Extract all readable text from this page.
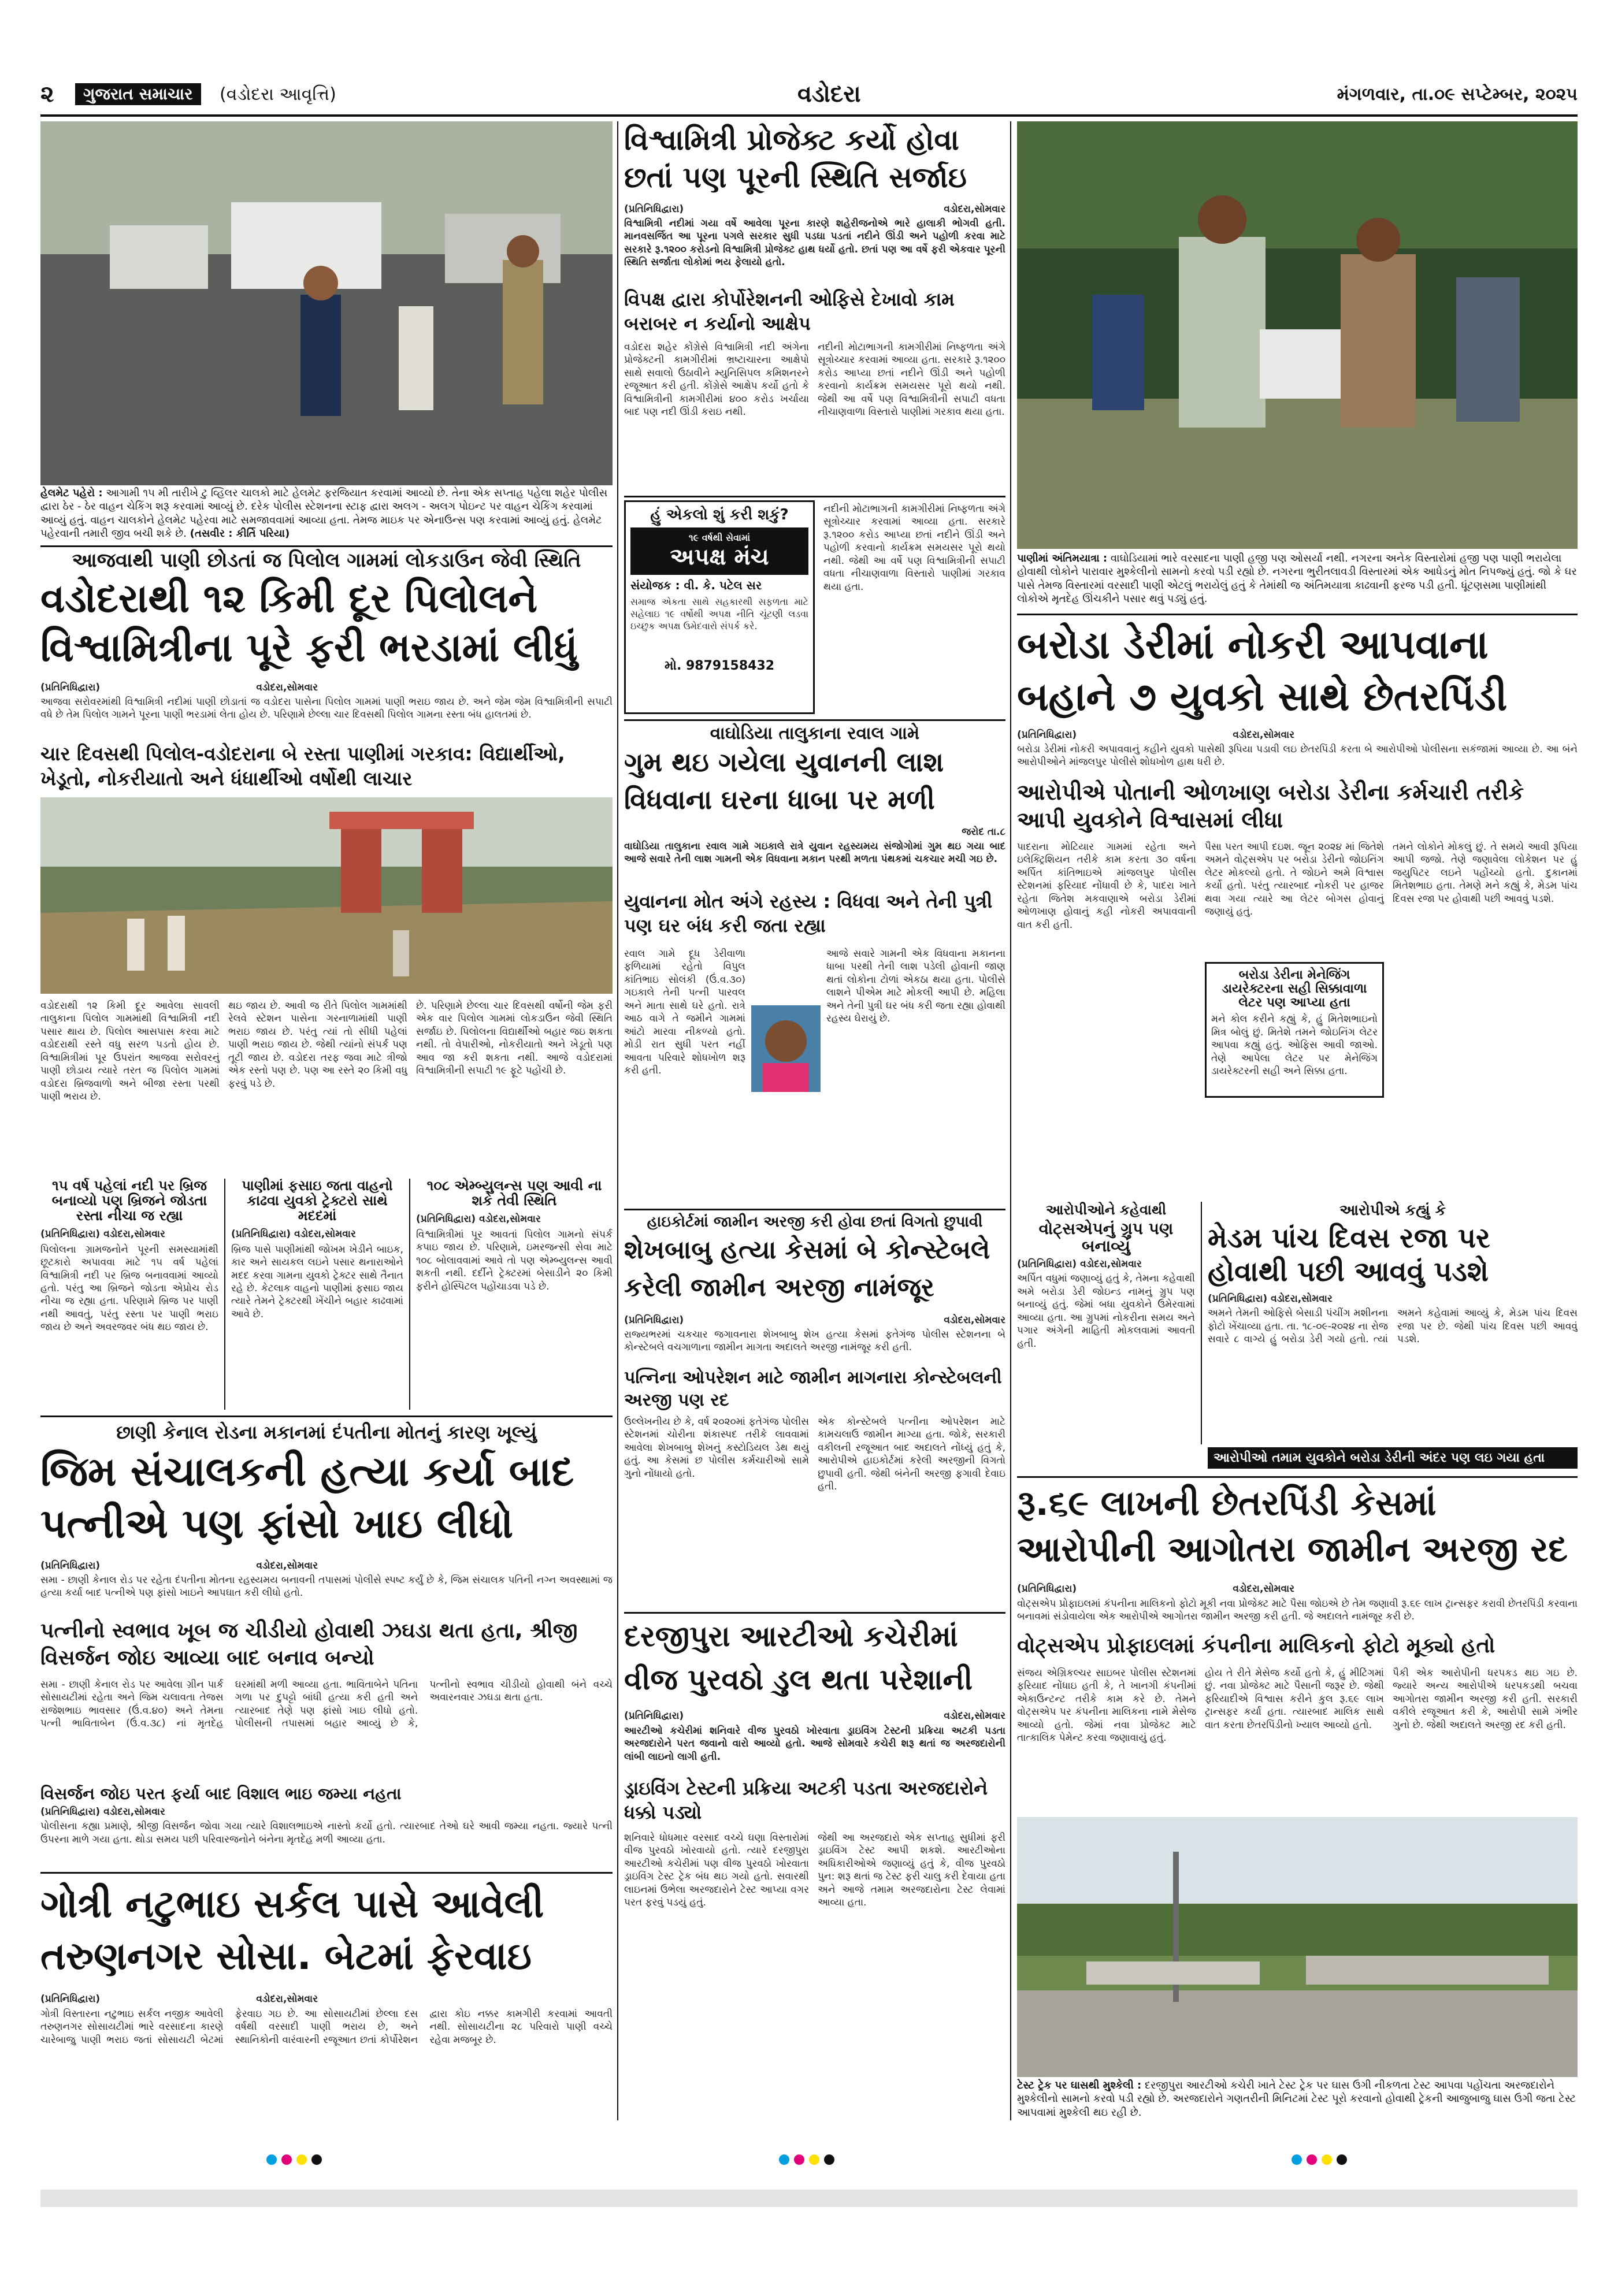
૨	ગુજરાત સમાચાર	(વડોદરા આવૃત્તિ)	વડોદરા	મંગળવાર, તા.૦૯ સપ્ટેમ્બર, ૨૦૨૫
હેલમેટ પહેરો : આગામી ૧૫ મી તારીખે ટુ વ્હિલર ચાલકો માટે હેલમેટ ફરજિયાત કરવામાં આવ્યો છે. તેના એક સપ્તાહ પહેલા શહેર પોલીસ દ્વારા ઠેર - ઠેર વાહન ચેકિંગ શરૂ કરવામાં આવ્યું છે. દરેક પોલીસ સ્ટેશનના સ્ટાફ દ્વારા અલગ - અલગ પોઇન્ટ પર વાહન ચેકિંગ કરવામાં આવ્યું હતું. વાહન ચાલકોને હેલમેટ પહેરવા માટે સમજાવવામાં આવ્યા હતા. તેમજ માઇક પર એનાઉન્સ પણ કરવામાં આવ્યું હતું. હેલમેટ પહેરવાની તમારી જીવ બચી શકે છે. (તસવીર : કીર્તિ પરિયા)
આજવાથી પાણી છોડતાં જ પિલોલ ગામમાં લોકડાઉન જેવી સ્થિતિ
વડોદરાથી ૧૨ કિમી દૂર પિલોલને
વિશ્વામિત્રીના પૂરે ફરી ભરડામાં લીધું
(પ્રતિનિધિદ્વારા)	વડોદરા,સોમવાર
આજવા સરોવરમાંથી વિશ્વામિત્રી નદીમાં પાણી છોડાતાં જ વડોદરા પાસેના પિલોલ ગામમાં પાણી ભરાઇ જાય છે. અને જેમ જેમ વિશ્વામિત્રીની સપાટી વધે છે તેમ પિલોલ ગામને પૂરના પાણી ભરડામાં લેતા હોય છે. પરિણામે છેલ્લા ચાર દિવસથી પિલોલ ગામના રસ્તા બંધ હાલતમાં છે.
ચાર દિવસથી પિલોલ-વડોદરાના બે રસ્તા પાણીમાં ગરકાવ: વિદ્યાર્થીઓ, ખેડૂતો, નોકરીયાતો અને ધંધાર્થીઓ વર્ષોથી લાચાર
વડોદરાથી ૧૨ કિમી દૂર આવેલા સાવલી તાલુકાના પિલોલ ગામમાંથી વિશ્વામિત્રી નદી પસાર થાય છે. પિલોલ આસપાસ કરવા માટે વડોદરાથી રસ્તે વધુ સરળ પડતો હોય છે. વિશ્વામિત્રીમાં પૂર ઉપરાંત આજવા સરોવરનું પાણી છોડાય ત્યારે તરત જ પિલોલ ગામમાં વડોદરા બ્રિજવાળો અને બીજા રસ્તા પરથી પાણી ભરાય છે.
થઇ જાય છે. આવી જ રીતે પિલોલ ગામમાંથી રેલવે સ્ટેશન પાસેના ગરનાળામાંથી પાણી ભરાઇ જાય છે. પરંતુ ત્યાં તો સીધી પહેલાં પાણી ભરાઇ જાય છે. જેથી ત્યાંનો સંપર્ક પણ તૂટી જાય છે. વડોદરા તરફ જવા માટે ત્રીજો એક રસ્તો પણ છે. પણ આ રસ્તે ૨૦ કિમી વધુ ફરવું પડે છે.
છે. પરિણામે છેલ્લા ચાર દિવસથી વર્ષોની જેમ ફરી એક વાર પિલોલ ગામમાં લોકડાઉન જેવી સ્થિતિ સર્જાઇ છે. પિલોલના વિદ્યાર્થીઓ બહાર જઇ શકતા નથી. તો વેપારીઓ, નોકરીયાતો અને ખેડૂતો પણ આવ જા કરી શકતા નથી. આજે વડોદરામાં વિશ્વામિત્રીની સપાટી ૧૯ ફૂટે પહોંચી છે.
૧૫ વર્ષ પહેલાં નદી પર બ્રિજ બનાવ્યો પણ બ્રિજને જોડતા રસ્તા નીચા જ રહ્યા
(પ્રતિનિધિદ્વારા) વડોદરા,સોમવાર
પિલોલના ગ્રામજનોને પૂરની સમસ્યામાંથી છૂટકારો અપાવવા માટે ૧૫ વર્ષ પહેલાં વિશ્વામિત્રી નદી પર બ્રિજ બનાવવામાં આવ્યો હતો. પરંતુ આ બ્રિજને જોડતા એપ્રોચ રોડ નીચા જ રહ્યા હતા. પરિણામે બ્રિજ પર પાણી નથી આવતું, પરંતુ રસ્તા પર પાણી ભરાઇ જાય છે અને અવરજવર બંધ થઇ જાય છે.
પાણીમાં ફસાઇ જતા વાહનો કાઢવા યુવકો ટ્રેક્ટરો સાથે મદદમાં
(પ્રતિનિધિદ્વારા) વડોદરા,સોમવાર
બ્રિજ પાસે પાણીમાંથી જોખમ ખેડીને બાઇક, કાર અને સાયકલ લઇને પસાર થનારાઓને મદદ કરવા ગામના યુવકો ટ્રેક્ટર સાથે તૈનાત રહે છે. કેટલાક વાહનો પાણીમાં ફસાઇ જાય ત્યારે તેમને ટ્રેક્ટરથી ખેંચીને બહાર કાઢવામાં આવે છે.
૧૦૮ એમ્બ્યુલન્સ પણ આવી ના શકે તેવી સ્થિતિ
(પ્રતિનિધિદ્વારા) વડોદરા,સોમવાર
વિશ્વામિત્રીમાં પૂર આવતાં પિલોલ ગામનો સંપર્ક કપાઇ જાય છે. પરિણામે, ઇમરજન્સી સેવા માટે ૧૦૮ બોલાવવામાં આવે તો પણ એમ્બ્યુલન્સ આવી શકતી નથી. દર્દીને ટ્રેક્ટરમાં બેસાડીને ૨૦ કિમી ફરીને હોસ્પિટલ પહોંચાડવા પડે છે.
છાણી કેનાલ રોડના મકાનમાં દંપતીના મોતનું કારણ ખૂલ્યું
જિમ સંચાલકની હત્યા કર્યા બાદ
પત્નીએ પણ ફાંસો ખાઇ લીધો
(પ્રતિનિધિદ્વારા)	વડોદરા,સોમવાર
સમા - છાણી કેનાલ રોડ પર રહેતા દંપતીના મોતના રહસ્યમય બનાવની તપાસમાં પોલીસે સ્પષ્ટ કર્યું છે કે, જિમ સંચાલક પતિની નગ્ન અવસ્થામાં જ હત્યા કર્યા બાદ પત્નીએ પણ ફાંસો ખાઇને આપઘાત કરી લીધો હતો.
પત્નીનો સ્વભાવ ખૂબ જ ચીડીયો હોવાથી ઝઘડા થતા હતા, શ્રીજી વિસર્જન જોઇ આવ્યા બાદ બનાવ બન્યો
સમા - છાણી કેનાલ રોડ પર આવેલા ગ્રીન પાર્ક સોસાયટીમાં રહેતા અને જિમ ચલાવતા તેજસ રાજેશભાઇ ભાવસાર (ઉં.વ.૪૦) અને તેમના પત્ની ભાવિતાબેન (ઉં.વ.૩૮) નાં મૃતદેહ ઘરમાંથી મળી આવ્યા હતા. ભાવિતાબેને પતિના ગળા પર દુપટ્ટો બાંધી હત્યા કરી હતી અને ત્યારબાદ તેણે પણ ફાંસો ખાઇ લીધો હતો. પોલીસની તપાસમાં બહાર આવ્યું છે કે, પત્નીનો સ્વભાવ ચીડીયો હોવાથી બંને વચ્ચે અવારનવાર ઝઘડા થતા હતા.
વિસર્જન જોઇ પરત ફર્યા બાદ વિશાલ ભાઇ જમ્યા નહતા
(પ્રતિનિધિદ્વારા) વડોદરા,સોમવાર
પોલીસના કહ્યા પ્રમાણે, શ્રીજી વિસર્જન જોવા ગયા ત્યારે વિશાલભાઇએ નાસ્તો કર્યો હતો. ત્યારબાદ તેઓ ઘરે આવી જમ્યા નહતા. જ્યારે પત્ની ઉપરના માળે ગયા હતા. થોડા સમય પછી પરિવારજનોને બંનેના મૃતદેહ મળી આવ્યા હતા.
ગોત્રી નટુભાઇ સર્કલ પાસે આવેલી
તરુણનગર સોસા. બેટમાં ફેરવાઇ
(પ્રતિનિધિદ્વારા)	વડોદરા,સોમવાર
ગોત્રી વિસ્તારના નટુભાઇ સર્કલ નજીક આવેલી તરુણનગર સોસાયટીમાં ભારે વરસાદના કારણે ચારેબાજુ પાણી ભરાઇ જતાં સોસાયટી બેટમાં ફેરવાઇ ગઇ છે. આ સોસાયટીમાં છેલ્લા દસ વર્ષથી વરસાદી પાણી ભરાય છે, અને સ્થાનિકોની વારંવારની રજૂઆત છતાં કોર્પોરેશન દ્વારા કોઇ નક્કર કામગીરી કરવામાં આવતી નથી. સોસાયટીના ૨૮ પરિવારો પાણી વચ્ચે રહેવા મજબૂર છે.
વિશ્વામિત્રી પ્રોજેક્ટ કર્યો હોવા
છતાં પણ પૂરની સ્થિતિ સર્જાઇ
(પ્રતિનિધિદ્વારા)	વડોદરા,સોમવાર
વિશ્વામિત્રી નદીમાં ગયા વર્ષે આવેલા પૂરના કારણે શહેરીજનોએ ભારે હાલાકી ભોગવી હતી. માનવસર્જિત આ પૂરના પગલે સરકાર સુધી પડઘા પડતાં નદીને ઊંડી અને પહોળી કરવા માટે સરકારે રૂ.૧૨૦૦ કરોડનો વિશ્વામિત્રી પ્રોજેક્ટ હાથ ધર્યો હતો. છતાં પણ આ વર્ષે ફરી એકવાર પૂરની સ્થિતિ સર્જાતા લોકોમાં ભય ફેલાયો હતો.
વિપક્ષ દ્વારા કોર્પોરેશનની ઓફિસે દેખાવો કામ બરાબર ન કર્યાનો આક્ષેપ
વડોદરા શહેર કોંગ્રેસે વિશ્વામિત્રી નદી અંગેના પ્રોજેક્ટની કામગીરીમાં ભ્રષ્ટાચારના આક્ષેપો સાથે સવાલો ઉઠાવીને મ્યુનિસિપલ કમિશનરને રજૂઆત કરી હતી. કોંગ્રેસે આક્ષેપ કર્યો હતો કે વિશ્વામિત્રીની કામગીરીમાં ૪૦૦ કરોડ ખર્ચાયા બાદ પણ નદી ઊંડી કરાઇ નથી.
નદીની મોટાભાગની કામગીરીમાં નિષ્ફળતા અંગે સૂત્રોચ્ચાર કરવામાં આવ્યા હતા. સરકારે રૂ.૧૨૦૦ કરોડ આપ્યા છતાં નદીને ઊંડી અને પહોળી કરવાનો કાર્યક્રમ સમયસર પૂરો થયો નથી. જેથી આ વર્ષે પણ વિશ્વામિત્રીની સપાટી વધતા નીચાણવાળા વિસ્તારો પાણીમાં ગરકાવ થયા હતા.
હું એકલો શું કરી શકું?
૧૯ વર્ષથી સેવામાં
અપક્ષ મંચ
સંયોજક : વી. કે. પટેલ સર
સમાજ એકતા સાથે સહકારથી સફળતા માટે સહેલાઇ ૧૯ વર્ષોથી અપક્ષ નીતિ ચૂંટણી લડવા ઇચ્છુક અપક્ષ ઉમેદવારો સંપર્ક કરે.
મો. 9879158432
નદીની મોટાભાગની કામગીરીમાં નિષ્ફળતા અંગે સૂત્રોચ્ચાર કરવામાં આવ્યા હતા. સરકારે રૂ.૧૨૦૦ કરોડ આપ્યા છતાં નદીને ઊંડી અને પહોળી કરવાનો કાર્યક્રમ સમયસર પૂરો થયો નથી. જેથી આ વર્ષે પણ વિશ્વામિત્રીની સપાટી વધતા નીચાણવાળા વિસ્તારો પાણીમાં ગરકાવ થયા હતા.
વાઘોડિયા તાલુકાના રવાલ ગામે
ગુમ થઇ ગયેલા યુવાનની લાશ
વિધવાના ઘરના ધાબા પર મળી
જરોદ તા.૮
વાઘોડિયા તાલુકાના રવાલ ગામે ગઇકાલે રાત્રે યુવાન રહસ્યમય સંજોગોમાં ગુમ થઇ ગયા બાદ આજે સવારે તેની લાશ ગામની એક વિધવાના મકાન પરથી મળતા પંથકમાં ચકચાર મચી ગઇ છે.
યુવાનના મોત અંગે રહસ્ય : વિધવા અને તેની પુત્રી પણ ઘર બંધ કરી જતા રહ્યા
રવાલ ગામે દૂધ ડેરીવાળા ફળિયામાં રહેતો વિપુલ કાંતિભાઇ સોલંકી (ઉં.વ.૩૦) ગઇકાલે તેની પત્ની પારવલ અને માતા સાથે ઘરે હતો. રાત્રે આઠ વાગે તે જમીને ગામમાં આંટો મારવા નીકળ્યો હતો. મોડી રાત સુધી પરત નહીં આવતા પરિવારે શોધખોળ શરૂ કરી હતી.
આજે સવારે ગામની એક વિધવાના મકાનના ધાબા પરથી તેની લાશ પડેલી હોવાની જાણ થતાં લોકોના ટોળાં એકઠા થયા હતા. પોલીસે લાશને પીએમ માટે મોકલી આપી છે. મહિલા અને તેની પુત્રી ઘર બંધ કરી જતા રહ્યા હોવાથી રહસ્ય ઘેરાયું છે.
હાઇકોર્ટમાં જામીન અરજી કરી હોવા છતાં વિગતો છુપાવી
શેખબાબુ હત્યા કેસમાં બે કોન્સ્ટેબલે
કરેલી જામીન અરજી નામંજૂર
(પ્રતિનિધિદ્વારા)	વડોદરા,સોમવાર
રાજ્યભરમાં ચકચાર જગાવનારા શેખબાબુ શેખ હત્યા કેસમાં ફતેગંજ પોલીસ સ્ટેશનના બે કોન્સ્ટેબલે વચગાળાના જામીન માગતા અદાલતે અરજી નામંજૂર કરી હતી.
પત્નિના ઓપરેશન માટે જામીન માગનારા કોન્સ્ટેબલની અરજી પણ રદ
ઉલ્લેખનીય છે કે, વર્ષ ૨૦૨૦માં ફતેગંજ પોલીસ સ્ટેશનમાં ચોરીના શંકાસ્પદ તરીકે લાવવામાં આવેલા શેખબાબુ શેખનું કસ્ટોડિયલ ડેથ થયું હતું. આ કેસમાં છ પોલીસ કર્મચારીઓ સામે ગુનો નોંધાયો હતો.
એક કોન્સ્ટેબલે પત્નીના ઓપરેશન માટે કામચલાઉ જામીન માગ્યા હતા. જોકે, સરકારી વકીલની રજૂઆત બાદ અદાલતે નોંધ્યું હતું કે, આરોપીએ હાઇકોર્ટમાં કરેલી અરજીની વિગતો છુપાવી હતી. જેથી બંનેની અરજી ફગાવી દેવાઇ હતી.
દરજીપુરા આરટીઓ કચેરીમાં
વીજ પુરવઠો ડુલ થતા પરેશાની
(પ્રતિનિધિદ્વારા)	વડોદરા,સોમવાર
આરટીઓ કચેરીમાં શનિવારે વીજ પુરવઠો ખોરવાતા ડ્રાઇવિંગ ટેસ્ટની પ્રક્રિયા અટકી પડતા અરજદારોને પરત જવાનો વારો આવ્યો હતો. આજે સોમવારે કચેરી શરૂ થતાં જ અરજદારોની લાંબી લાઇનો લાગી હતી.
ડ્રાઇવિંગ ટેસ્ટની પ્રક્રિયા અટકી પડતા અરજદારોને ધક્કો પડ્યો
શનિવારે ધોધમાર વરસાદ વચ્ચે ઘણા વિસ્તારોમાં વીજ પુરવઠો ખોરવાયો હતો. ત્યારે દરજીપુરા આરટીઓ કચેરીમાં પણ વીજ પુરવઠો ખોરવાતા ડ્રાઇવિંગ ટેસ્ટ ટ્રેક બંધ થઇ ગયો હતો. સવારથી લાઇનમાં ઉભેલા અરજદારોને ટેસ્ટ આપ્યા વગર પરત ફરવું પડયું હતું.
જેથી આ અરજદારો એક સપ્તાહ સુધીમાં ફરી ડ્રાઇવિંગ ટેસ્ટ આપી શકશે. આરટીઓના અધિકારીઓએ જણાવ્યું હતું કે, વીજ પુરવઠો પુન: શરૂ થતાં જ ટેસ્ટ ફરી ચાલુ કરી દેવાયા હતા અને આજે તમામ અરજદારોના ટેસ્ટ લેવામાં આવ્યા હતા.
પાણીમાં અંતિમયાત્રા : વાઘોડિયામાં ભારે વરસાદના પાણી હજી પણ ઓસર્યા નથી. નગરના અનેક વિસ્તારોમાં હજી પણ પાણી ભરાયેલા હોવાથી લોકોને પારાવાર મુશ્કેલીનો સામનો કરવો પડી રહ્યો છે. નગરના ભુરીતલાવડી વિસ્તારમાં એક આધેડનું મોત નિપજ્યું હતું. જો કે ઘર પાસે તેમજ વિસ્તારમાં વરસાદી પાણી એટલું ભરાયેલું હતું કે તેમાંથી જ અંતિમયાત્રા કાઢવાની ફરજ પડી હતી. ધૂંટણસમા પાણીમાંથી લોકોએ મૃતદેહ ઊંચકીને પસાર થવું પડ્યું હતું.
બરોડા ડેરીમાં નોકરી આપવાના
બહાને ૭ યુવકો સાથે છેતરપિંડી
(પ્રતિનિધિદ્વારા)	વડોદરા,સોમવાર
બરોડા ડેરીમાં નોકરી અપાવવાનું કહીને યુવકો પાસેથી રૂપિયા પડાવી લઇ છેતરપિંડી કરતા બે આરોપીઓ પોલીસના સકંજામાં આવ્યા છે. આ બંને આરોપીઓને માંજલપુર પોલીસે શોધખોળ હાથ ધરી છે.
આરોપીએ પોતાની ઓળખાણ બરોડા ડેરીના કર્મચારી તરીકે આપી યુવકોને વિશ્વાસમાં લીધા
પાદરાના મોટિયાર ગામમાં રહેતા અને ઇલેક્ટ્રિશિયન તરીકે કામ કરતા ૩૦ વર્ષના અર્પિત કાંતિભાઇએ માંજલપુર પોલીસ સ્ટેશનમાં ફરિયાદ નોંધાવી છે કે, પાદરા ખાતે રહેતા જિતેશ મકવાણાએ બરોડા ડેરીમાં ઓળખાણ હોવાનું કહી નોકરી અપાવવાની વાત કરી હતી.
પૈસા પરત આપી દઇશ. જૂન ૨૦૨૪ માં જિતેશે અમને વોટ્સએપ પર બરોડા ડેરીનો જોઇનિંગ લેટર મોકલ્યો હતો. તે જોઇને અમે વિશ્વાસ કર્યો હતો. પરંતુ ત્યારબાદ નોકરી પર હાજર થવા ગયા ત્યારે આ લેટર બોગસ હોવાનું જણાયું હતું.
તમને લોકોને મોકલું છું. તે સમયે આવી રૂપિયા આપી જજો. તેણે જણાવેલા લોકેશન પર હું જયુપિટર લઇને પહોંચ્યો હતો. દુકાનમાં મિતેશભાઇ હતા. તેમણે મને કહ્યું કે, મેડમ પાંચ દિવસ રજા પર હોવાથી પછી આવવું પડશે.
બરોડા ડેરીના મેનેજિંગ ડાયરેક્ટરના સહી સિક્કાવાળા લેટર પણ આપ્યા હતા
મને કોલ કરીને કહ્યું કે, હું મિતેશભાઇનો મિત્ર બોલું છું. મિતેશે તમને જોઇનિંગ લેટર આપવા કહ્યું હતું. ઓફિસ આવી જાઓ. તેણે આપેલા લેટર પર મેનેજિંગ ડાયરેક્ટરની સહી અને સિક્કા હતા.
આરોપીઓને કહેવાથી
વોટ્સએપનું ગ્રુપ પણ બનાવ્યું
(પ્રતિનિધિદ્વારા) વડોદરા,સોમવાર
અર્પિત વધુમાં જણાવ્યું હતું કે, તેમના કહેવાથી અમે બરોડા ડેરી જોઇન્ડ નામનું ગ્રુપ પણ બનાવ્યું હતું. જેમાં બધા યુવકોને ઉમેરવામાં આવ્યા હતા. આ ગ્રુપમાં નોકરીના સમય અને પગાર અંગેની માહિતી મોકલવામાં આવતી હતી.
આરોપીએ કહ્યું કે
મેડમ પાંચ દિવસ રજા પર હોવાથી પછી આવવું પડશે
(પ્રતિનિધિદ્વારા) વડોદરા,સોમવાર
અમને તેમની ઓફિસે બેસાડી પંચીંગ મશીનના ફોટો ખેંચાવ્યા હતા. તા. ૧૮-૦૯-૨૦૨૪ ના રોજ સવારે ૮ વાગ્યે હું બરોડા ડેરી ગયો હતો. ત્યાં અમને કહેવામાં આવ્યું કે, મેડમ પાંચ દિવસ રજા પર છે. જેથી પાંચ દિવસ પછી આવવું પડશે.
આરોપીઓ તમામ યુવકોને બરોડા ડેરીની અંદર પણ લઇ ગયા હતા
રૂ.૬૯ લાખની છેતરપિંડી કેસમાં
આરોપીની આગોતરા જામીન અરજી રદ
(પ્રતિનિધિદ્વારા)	વડોદરા,સોમવાર
વોટ્સએપ પ્રોફાઇલમાં કંપનીના માલિકનો ફોટો મૂકી નવા પ્રોજેક્ટ માટે પૈસા જોઇએ છે તેમ જણાવી રૂ.૬૯ લાખ ટ્રાન્સફર કરાવી છેતરપિંડી કરવાના બનાવમાં સંડોવાયેલા એક આરોપીએ આગોતરા જામીન અરજી કરી હતી. જે અદાલતે નામંજૂર કરી છે.
વોટ્સએપ પ્રોફાઇલમાં કંપનીના માલિકનો ફોટો મૂક્યો હતો
સંજય એગ્રિકલ્ચર સાઇબર પોલીસ સ્ટેશનમાં ફરિયાદ નોંધાઇ હતી કે, તે ખાનગી કંપનીમાં એકાઉન્ટન્ટ તરીકે કામ કરે છે. તેમને વોટ્સએપ પર કંપનીના માલિકના નામે મેસેજ આવ્યો હતો. જેમાં નવા પ્રોજેક્ટ માટે તાત્કાલિક પેમેન્ટ કરવા જણાવાયું હતું.
હોય તે રીતે મેસેજ કર્યો હતો કે, હું મીટિંગમાં છું. નવા પ્રોજેક્ટ માટે પૈસાની જરૂર છે. જેથી ફરિયાદીએ વિશ્વાસ કરીને કુલ રૂ.૬૯ લાખ ટ્રાન્સફર કર્યા હતા. ત્યારબાદ માલિક સાથે વાત કરતા છેતરપિંડીનો ખ્યાલ આવ્યો હતો.
પૈકી એક આરોપીની ધરપકડ થઇ ગઇ છે. જ્યારે અન્ય આરોપીએ ધરપકડથી બચવા આગોતરા જામીન અરજી કરી હતી. સરકારી વકીલે રજૂઆત કરી કે, આરોપી સામે ગંભીર ગુનો છે. જેથી અદાલતે અરજી રદ કરી હતી.
ટેસ્ટ ટ્રેક પર ઘાસથી મુશ્કેલી : દરજીપુરા આરટીઓ કચેરી ખાતે ટેસ્ટ ટ્રેક પર ઘાસ ઉગી નીકળતા ટેસ્ટ આપવા પહોંચતા અરજદારોને મુશ્કેલીનો સામનો કરવો પડી રહ્યો છે. અરજદારોને ગણતરીની મિનિટમાં ટેસ્ટ પૂરો કરવાનો હોવાથી ટ્રેકની આજુબાજુ ઘાસ ઉગી જતા ટેસ્ટ આપવામાં મુશ્કેલી થઇ રહી છે.
